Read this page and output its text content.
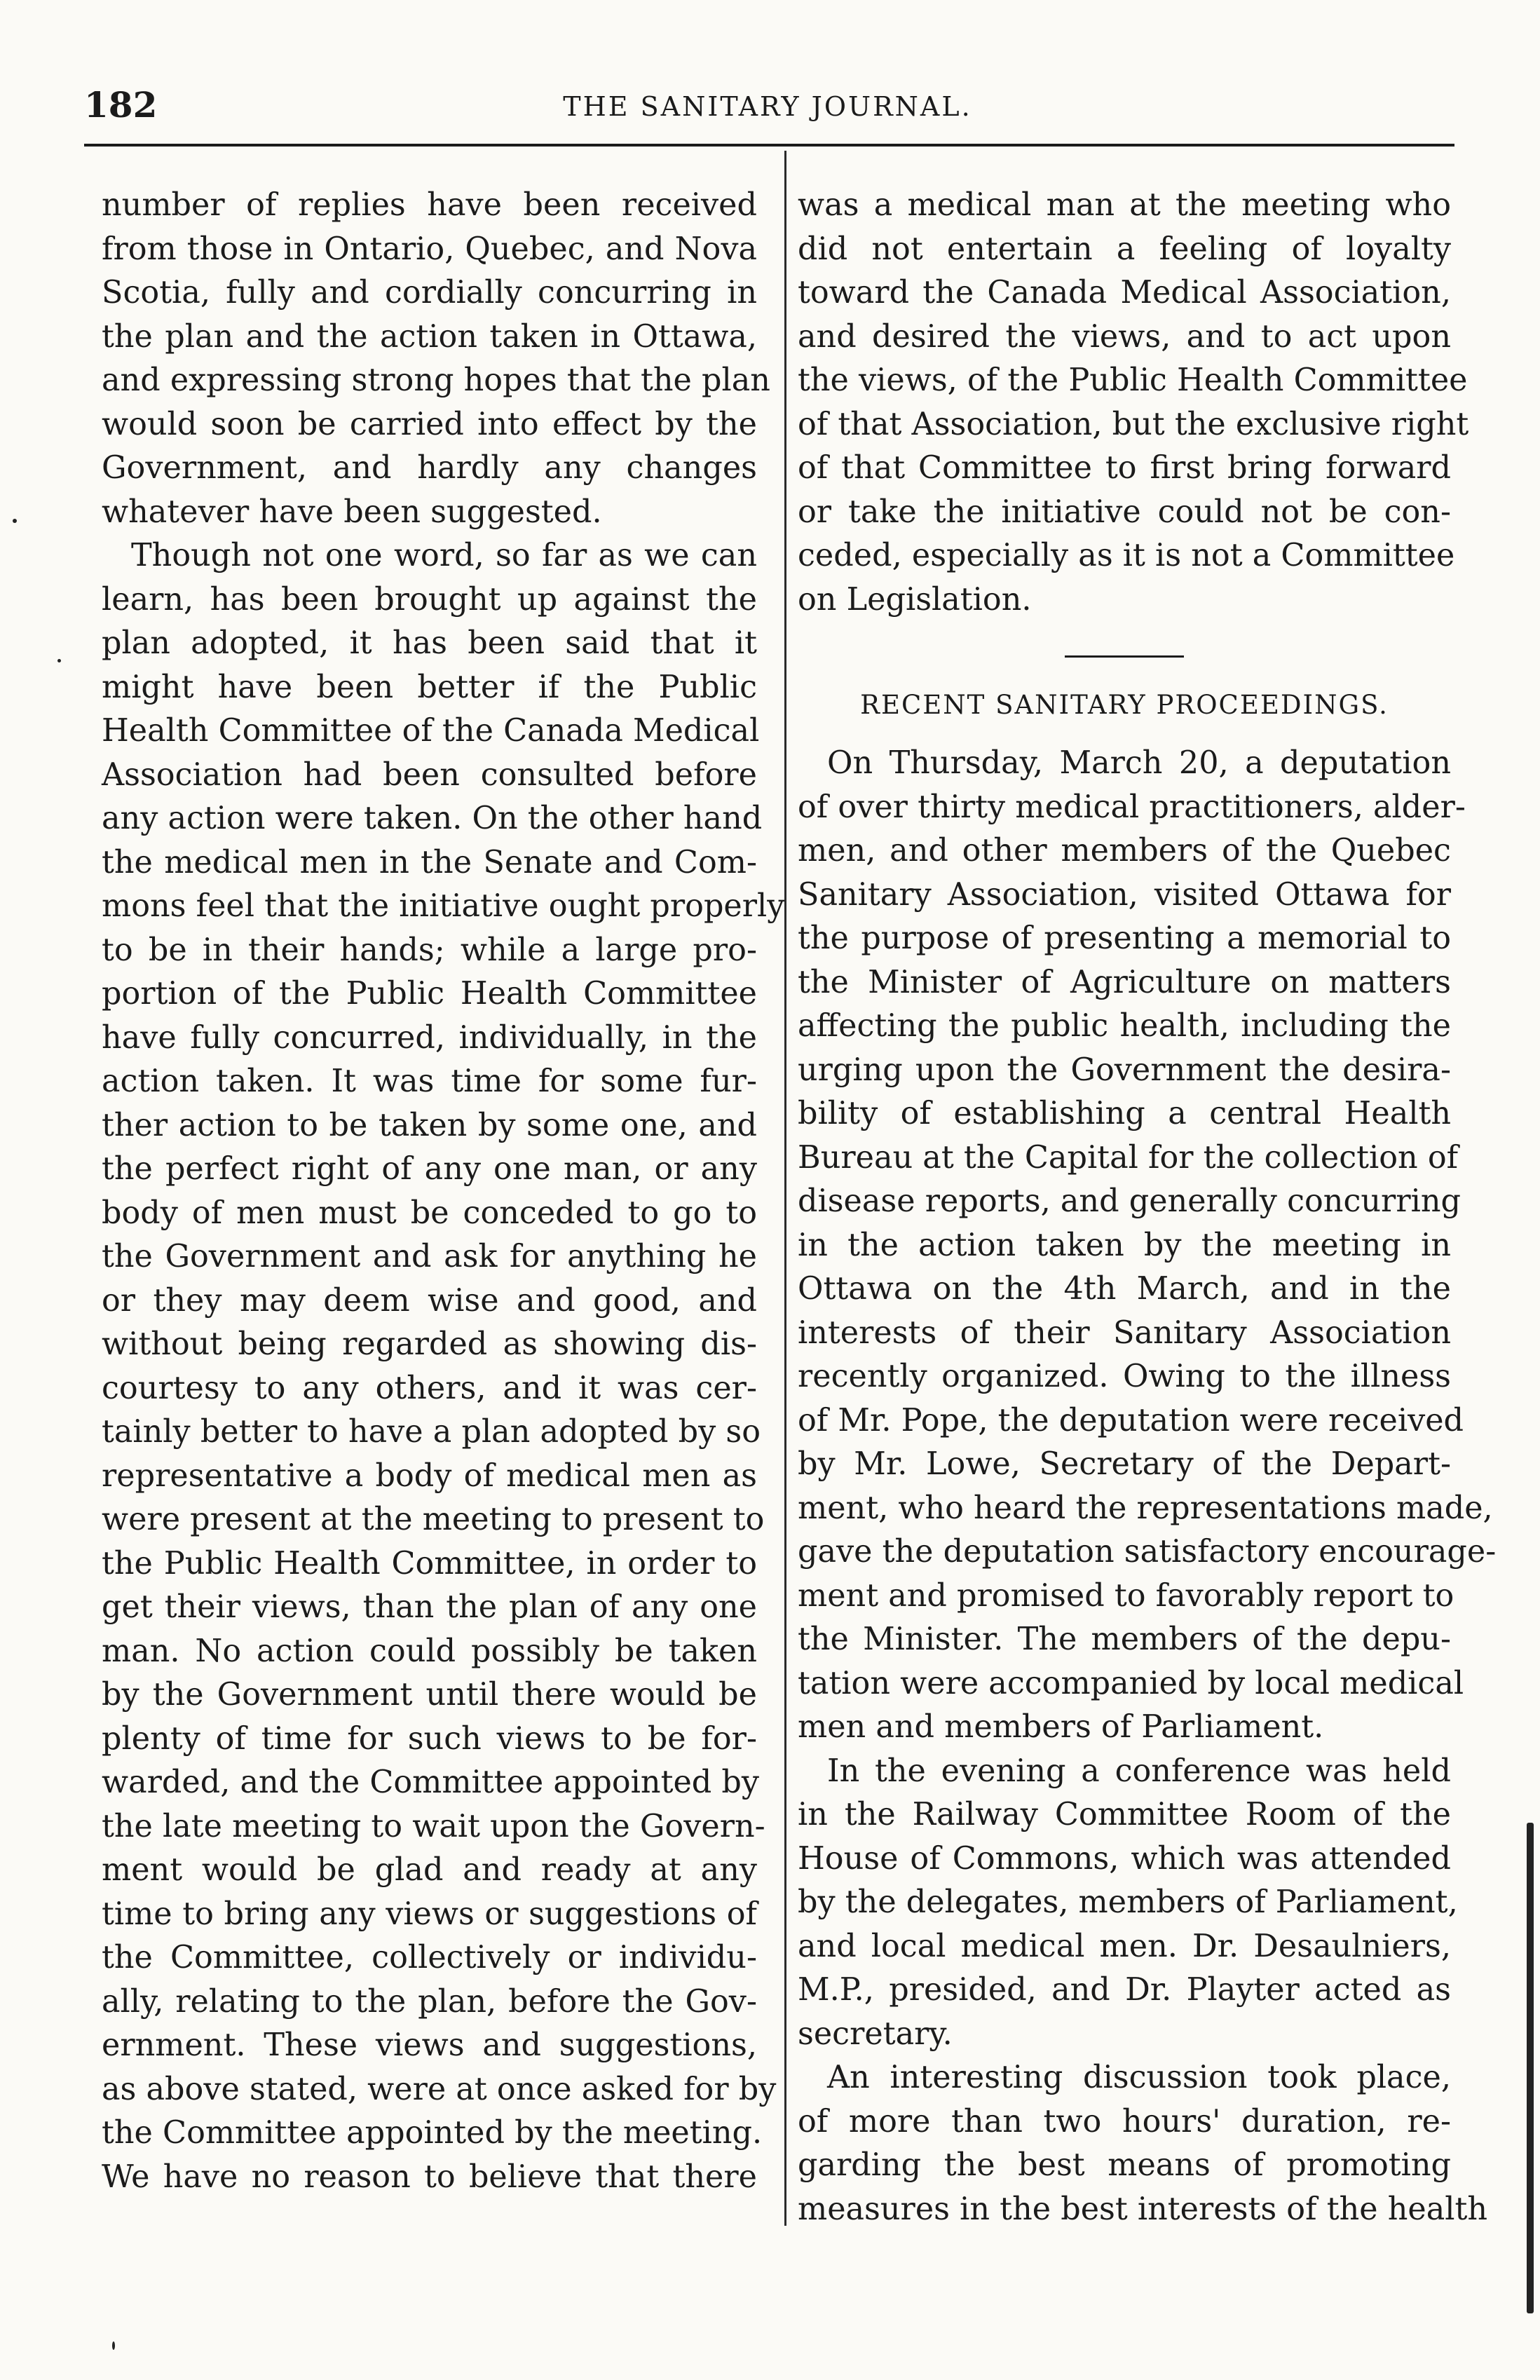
182	THE SANITARY JOURNAL.
number of replies have been received
from those in Ontario, Quebec, and Nova
Scotia, fully and cordially concurring in
the plan and the action taken in Ottawa,
and expressing strong hopes that the plan
would soon be carried into effect by the
Government, and hardly any changes
whatever have been suggested.
Though not one word, so far as we can
learn, has been brought up against the
plan adopted, it has been said that it
might have been better if the Public
Health Committee of the Canada Medical
Association had been consulted before
any action were taken. On the other hand
the medical men in the Senate and Com-
mons feel that the initiative ought properly
to be in their hands; while a large pro-
portion of the Public Health Committee
have fully concurred, individually, in the
action taken. It was time for some fur-
ther action to be taken by some one, and
the perfect right of any one man, or any
body of men must be conceded to go to
the Government and ask for anything he
or they may deem wise and good, and
without being regarded as showing dis-
courtesy to any others, and it was cer-
tainly better to have a plan adopted by so
representative a body of medical men as
were present at the meeting to present to
the Public Health Committee, in order to
get their views, than the plan of any one
man. No action could possibly be taken
by the Government until there would be
plenty of time for such views to be for-
warded, and the Committee appointed by
the late meeting to wait upon the Govern-
ment would be glad and ready at any
time to bring any views or suggestions of
the Committee, collectively or individu-
ally, relating to the plan, before the Gov-
ernment. These views and suggestions,
as above stated, were at once asked for by
the Committee appointed by the meeting.
We have no reason to believe that there
was a medical man at the meeting who
did not entertain a feeling of loyalty
toward the Canada Medical Association,
and desired the views, and to act upon
the views, of the Public Health Committee
of that Association, but the exclusive right
of that Committee to first bring forward
or take the initiative could not be con-
ceded, especially as it is not a Committee
on Legislation.
RECENT SANITARY PROCEEDINGS.
On Thursday, March 20, a deputation
of over thirty medical practitioners, alder-
men, and other members of the Quebec
Sanitary Association, visited Ottawa for
the purpose of presenting a memorial to
the Minister of Agriculture on matters
affecting the public health, including the
urging upon the Government the desira-
bility of establishing a central Health
Bureau at the Capital for the collection of
disease reports, and generally concurring
in the action taken by the meeting in
Ottawa on the 4th March, and in the
interests of their Sanitary Association
recently organized. Owing to the illness
of Mr. Pope, the deputation were received
by Mr. Lowe, Secretary of the Depart-
ment, who heard the representations made,
gave the deputation satisfactory encourage-
ment and promised to favorably report to
the Minister. The members of the depu-
tation were accompanied by local medical
men and members of Parliament.
In the evening a conference was held
in the Railway Committee Room of the
House of Commons, which was attended
by the delegates, members of Parliament,
and local medical men. Dr. Desaulniers,
M.P., presided, and Dr. Playter acted as
secretary.
An interesting discussion took place,
of more than two hours' duration, re-
garding the best means of promoting
measures in the best interests of the health
